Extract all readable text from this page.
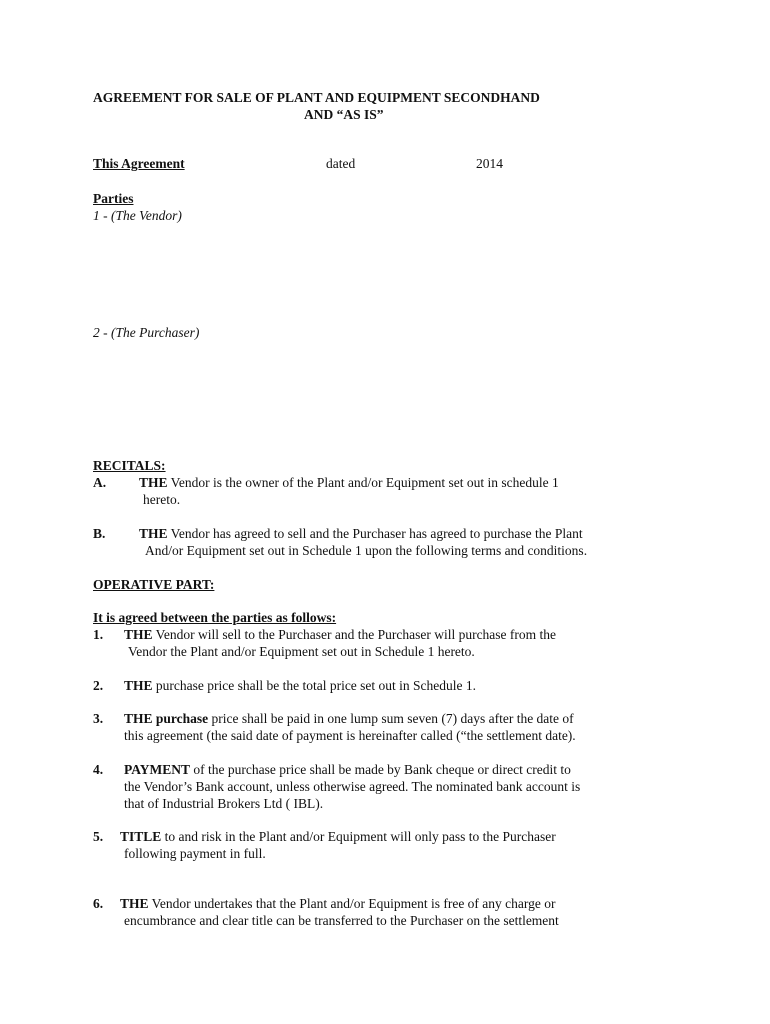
AGREEMENT FOR SALE OF PLANT AND EQUIPMENT SECONDHAND
AND “AS IS”
This Agreement	dated	2014
Parties
1 - (The Vendor)
2 - (The Purchaser)
RECITALS:
A. THE Vendor is the owner of the Plant and/or Equipment set out in schedule 1
hereto.
B. THE Vendor has agreed to sell and the Purchaser has agreed to purchase the Plant
And/or Equipment set out in Schedule 1 upon the following terms and conditions.
OPERATIVE PART:
It is agreed between the parties as follows:
1. THE Vendor will sell to the Purchaser and the Purchaser will purchase from the
Vendor the Plant and/or Equipment set out in Schedule 1 hereto.
2. THE purchase price shall be the total price set out in Schedule 1.
3. THE purchase price shall be paid in one lump sum seven (7) days after the date of
this agreement (the said date of payment is hereinafter called (“the settlement date).
4. PAYMENT of the purchase price shall be made by Bank cheque or direct credit to
the Vendor’s Bank account, unless otherwise agreed. The nominated bank account is
that of Industrial Brokers Ltd ( IBL).
5. TITLE to and risk in the Plant and/or Equipment will only pass to the Purchaser
following payment in full.
6. THE Vendor undertakes that the Plant and/or Equipment is free of any charge or
encumbrance and clear title can be transferred to the Purchaser on the settlement
